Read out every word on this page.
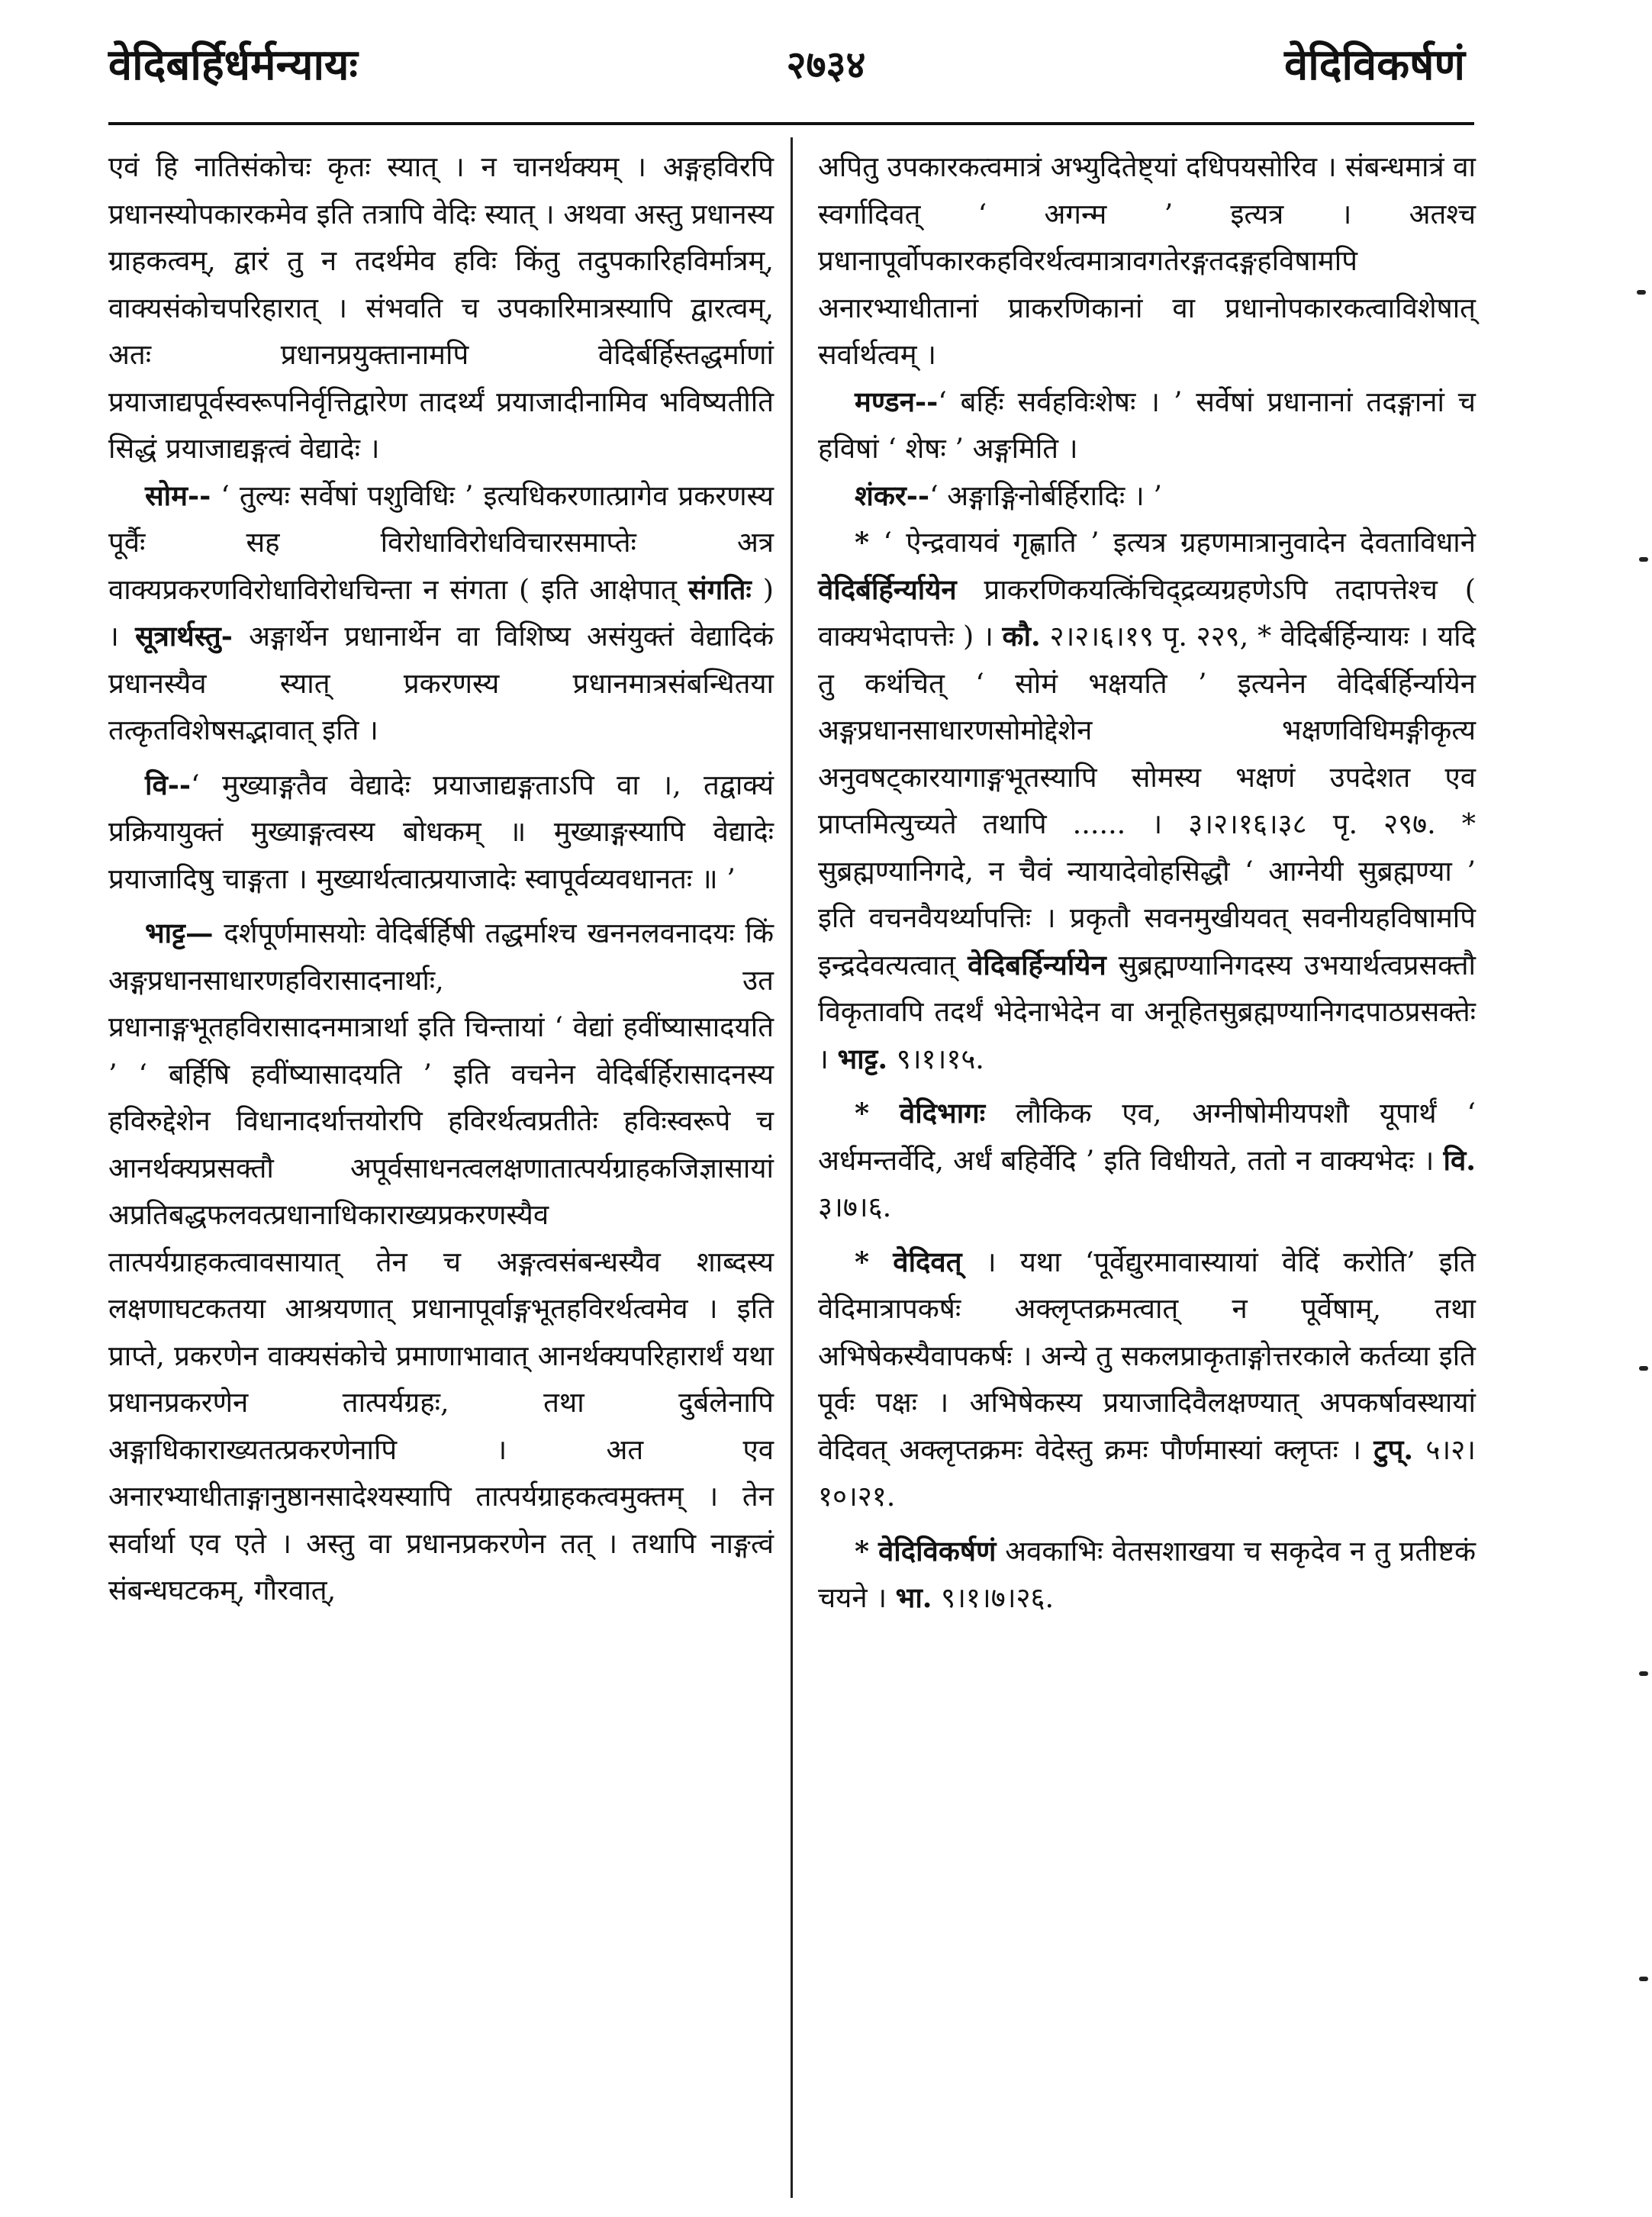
वेदिबर्हिर्धर्मन्यायः	२७३४	वेदिविकर्षणं

एवं हि नातिसंकोचः कृतः स्यात् । न चानर्थक्यम् । अङ्गहविरपि प्रधानस्योपकारकमेव इति तत्रापि वेदिः स्यात् । अथवा अस्तु प्रधानस्य ग्राहकत्वम्, द्वारं तु न तदर्थमेव हविः किंतु तदुपकारिहविर्मात्रम्, वाक्यसंकोचपरिहारात् । संभवति च उपकारिमात्रस्यापि द्वारत्वम्, अतः प्रधानप्रयुक्तानामपि वेदिर्बर्हिस्तद्धर्माणां प्रयाजाद्यपूर्वस्वरूपनिर्वृत्तिद्वारेण तादर्थ्यं प्रयाजादीनामिव भविष्यतीति सिद्धं प्रयाजाद्यङ्गत्वं वेद्यादेः ।

सोम-- ‘ तुल्यः सर्वेषां पशुविधिः ’ इत्यधिकरणात्प्रागेव प्रकरणस्य पूर्वैः सह विरोधाविरोधविचारसमाप्तेः अत्र वाक्यप्रकरणविरोधाविरोधचिन्ता न संगता ( इति आक्षेपात् संगतिः ) । सूत्रार्थस्तु- अङ्गार्थेन प्रधानार्थेन वा विशिष्य असंयुक्तं वेद्यादिकं प्रधानस्यैव स्यात् प्रकरणस्य प्रधानमात्रसंबन्धितया तत्कृतविशेषसद्भावात् इति ।

वि--‘ मुख्याङ्गतैव वेद्यादेः प्रयाजाद्यङ्गताऽपि वा ।, तद्वाक्यं प्रक्रियायुक्तं मुख्याङ्गत्वस्य बोधकम् ॥ मुख्याङ्गस्यापि वेद्यादेः प्रयाजादिषु चाङ्गता । मुख्यार्थत्वात्प्रयाजादेः स्वापूर्वव्यवधानतः ॥ ’

भाट्ट— दर्शपूर्णमासयोः वेदिर्बर्हिषी तद्धर्माश्च खननलवनादयः किं अङ्गप्रधानसाधारणहविरासादनार्थाः, उत प्रधानाङ्गभूतहविरासादनमात्रार्था इति चिन्तायां ‘ वेद्यां हवींष्यासादयति ’ ‘ बर्हिषि हवींष्यासादयति ’ इति वचनेन वेदिर्बर्हिरासादनस्य हविरुद्देशेन विधानादर्थात्तयोरपि हविरर्थत्वप्रतीतेः हविःस्वरूपे च आनर्थक्यप्रसक्तौ अपूर्वसाधनत्वलक्षणातात्पर्यग्राहकजिज्ञासायां अप्रतिबद्धफलवत्प्रधानाधिकाराख्यप्रकरणस्यैव तात्पर्यग्राहकत्वावसायात् तेन च अङ्गत्वसंबन्धस्यैव शाब्दस्य लक्षणाघटकतया आश्रयणात् प्रधानापूर्वाङ्गभूतहविरर्थत्वमेव । इति प्राप्ते, प्रकरणेन वाक्यसंकोचे प्रमाणाभावात् आनर्थक्यपरिहारार्थं यथा प्रधानप्रकरणेन तात्पर्यग्रहः, तथा दुर्बलेनापि अङ्गाधिकाराख्यतत्प्रकरणेनापि । अत एव अनारभ्याधीताङ्गानुष्ठानसादेश्यस्यापि तात्पर्यग्राहकत्वमुक्तम् । तेन सर्वार्था एव एते । अस्तु वा प्रधानप्रकरणेन तत् । तथापि नाङ्गत्वं संबन्धघटकम्, गौरवात्,

अपितु उपकारकत्वमात्रं अभ्युदितेष्ट्यां दधिपयसोरिव । संबन्धमात्रं वा स्वर्गादिवत् ‘ अगन्म ’ इत्यत्र । अतश्च प्रधानापूर्वोपकारकहविरर्थत्वमात्रावगतेरङ्गतदङ्गहविषामपि अनारभ्याधीतानां प्राकरणिकानां वा प्रधानोपकारकत्वाविशेषात् सर्वार्थत्वम् ।

मण्डन--‘ बर्हिः सर्वहविःशेषः । ’ सर्वेषां प्रधानानां तदङ्गानां च हविषां ‘ शेषः ’ अङ्गमिति ।

शंकर--‘ अङ्गाङ्गिनोर्बर्हिरादिः । ’

* ‘ ऐन्द्रवायवं गृह्णाति ’ इत्यत्र ग्रहणमात्रानुवादेन देवताविधाने वेदिर्बर्हिर्न्यायेन प्राकरणिकयत्किंचिद्द्रव्यग्रहणेऽपि तदापत्तेश्च ( वाक्यभेदापत्तेः ) । कौ. २।२।६।१९ पृ. २२९, * वेदिर्बर्हिन्यायः । यदि तु कथंचित् ‘ सोमं भक्षयति ’ इत्यनेन वेदिर्बर्हिर्न्यायेन अङ्गप्रधानसाधारणसोमोद्देशेन भक्षणविधिमङ्गीकृत्य अनुवषट्कारयागाङ्गभूतस्यापि सोमस्य भक्षणं उपदेशत एव प्राप्तमित्युच्यते तथापि ...... । ३।२।१६।३८ पृ. २९७. * सुब्रह्मण्यानिगदे, न चैवं न्यायादेवोहसिद्धौ ‘ आग्नेयी सुब्रह्मण्या ’ इति वचनवैयर्थ्यापत्तिः । प्रकृतौ सवनमुखीयवत् सवनीयहविषामपि इन्द्रदेवत्यत्वात् वेदिबर्हिर्न्यायेन सुब्रह्मण्यानिगदस्य उभयार्थत्वप्रसक्तौ विकृतावपि तदर्थं भेदेनाभेदेन वा अनूहितसुब्रह्मण्यानिगदपाठप्रसक्तेः । भाट्ट. ९।१।१५.

* वेदिभागः लौकिक एव, अग्नीषोमीयपशौ यूपार्थं ‘ अर्धमन्तर्वेदि, अर्धं बहिर्वेदि ’ इति विधीयते, ततो न वाक्यभेदः । वि. ३।७।६.

* वेदिवत् । यथा ‘पूर्वेद्युरमावास्यायां वेदिं करोति’ इति वेदिमात्रापकर्षः अक्लृप्तक्रमत्वात् न पूर्वेषाम्, तथा अभिषेकस्यैवापकर्षः । अन्ये तु सकलप्राकृताङ्गोत्तरकाले कर्तव्या इति पूर्वः पक्षः । अभिषेकस्य प्रयाजादिवैलक्षण्यात् अपकर्षावस्थायां वेदिवत् अक्लृप्तक्रमः वेदेस्तु क्रमः पौर्णमास्यां क्लृप्तः । टुप्. ५।२।१०।२१.

* वेदिविकर्षणं अवकाभिः वेतसशाखया च सकृदेव न तु प्रतीष्टकं चयने । भा. ९।१।७।२६.
